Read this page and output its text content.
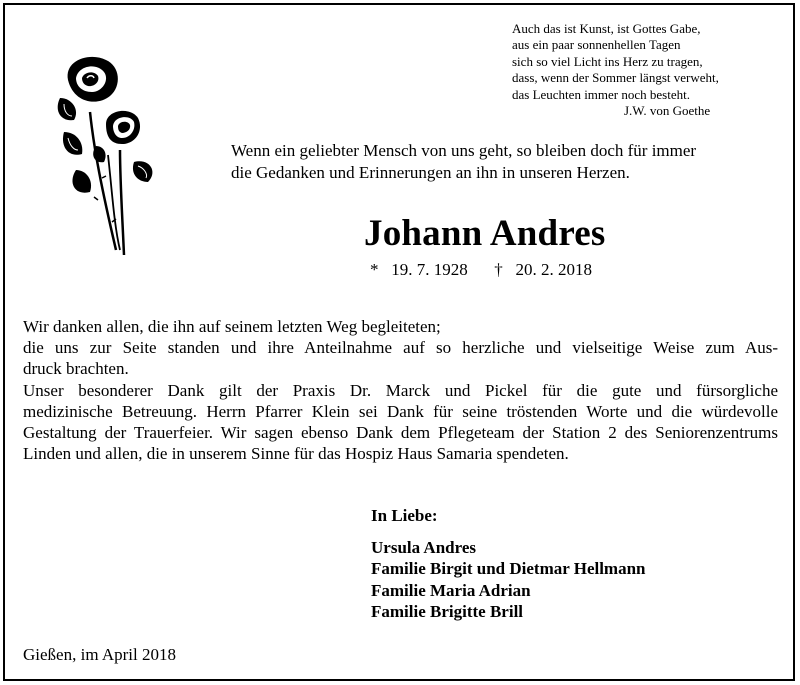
Auch das ist Kunst, ist Gottes Gabe,
aus ein paar sonnenhellen Tagen
sich so viel Licht ins Herz zu tragen,
dass, wenn der Sommer längst verweht,
das Leuchten immer noch besteht.
J.W. von Goethe
Wenn ein geliebter Mensch von uns geht, so bleiben doch für immer
die Gedanken und Erinnerungen an ihn in unseren Herzen.
Johann Andres
* 19. 7. 1928 † 20. 2. 2018
Wir danken allen, die ihn auf seinem letzten Weg begleiteten;
die uns zur Seite standen und ihre Anteilnahme auf so herzliche und vielseitige Weise zum Aus-
druck brachten.
Unser besonderer Dank gilt der Praxis Dr. Marck und Pickel für die gute und fürsorgliche
medizinische Betreuung. Herrn Pfarrer Klein sei Dank für seine tröstenden Worte und die würdevolle
Gestaltung der Trauerfeier. Wir sagen ebenso Dank dem Pflegeteam der Station 2 des Seniorenzentrums
Linden und allen, die in unserem Sinne für das Hospiz Haus Samaria spendeten.
In Liebe:
Ursula Andres
Familie Birgit und Dietmar Hellmann
Familie Maria Adrian
Familie Brigitte Brill
Gießen, im April 2018
